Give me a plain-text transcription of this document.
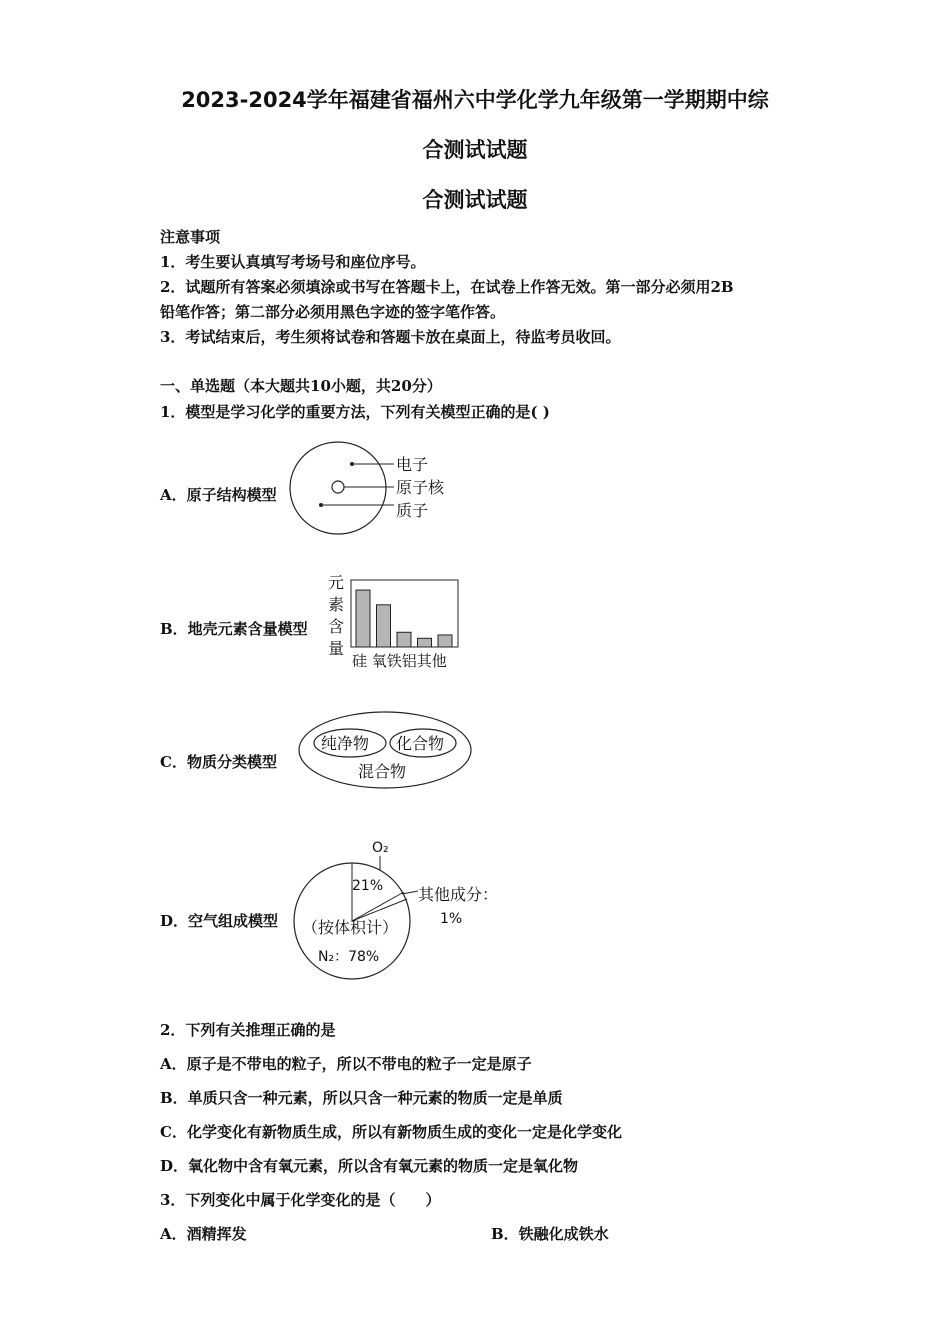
2023-2024学年福建省福州六中学化学九年级第一学期期中综
合测试试题
合测试试题
注意事项
1．考生要认真填写考场号和座位序号。
2．试题所有答案必须填涂或书写在答题卡上，在试卷上作答无效。第一部分必须用2B
铅笔作答；第二部分必须用黑色字迹的签字笔作答。
3．考试结束后，考生须将试卷和答题卡放在桌面上，待监考员收回。
一、单选题（本大题共10小题，共20分）
1．模型是学习化学的重要方法，下列有关模型正确的是( )
A．原子结构模型
电子
原子核
质子
B．地壳元素含量模型
元
素
含
量
硅 氧铁铝其他
C．物质分类模型
纯净物 化合物
混合物
D．空气组成模型
O₂
21% 其他成分：
1%
（按体积计）
N₂：78%
2．下列有关推理正确的是
A．原子是不带电的粒子，所以不带电的粒子一定是原子
B．单质只含一种元素，所以只含一种元素的物质一定是单质
C．化学变化有新物质生成，所以有新物质生成的变化一定是化学变化
D．氧化物中含有氧元素，所以含有氧元素的物质一定是氧化物
3．下列变化中属于化学变化的是（　　）
A．酒精挥发	B．铁融化成铁水
